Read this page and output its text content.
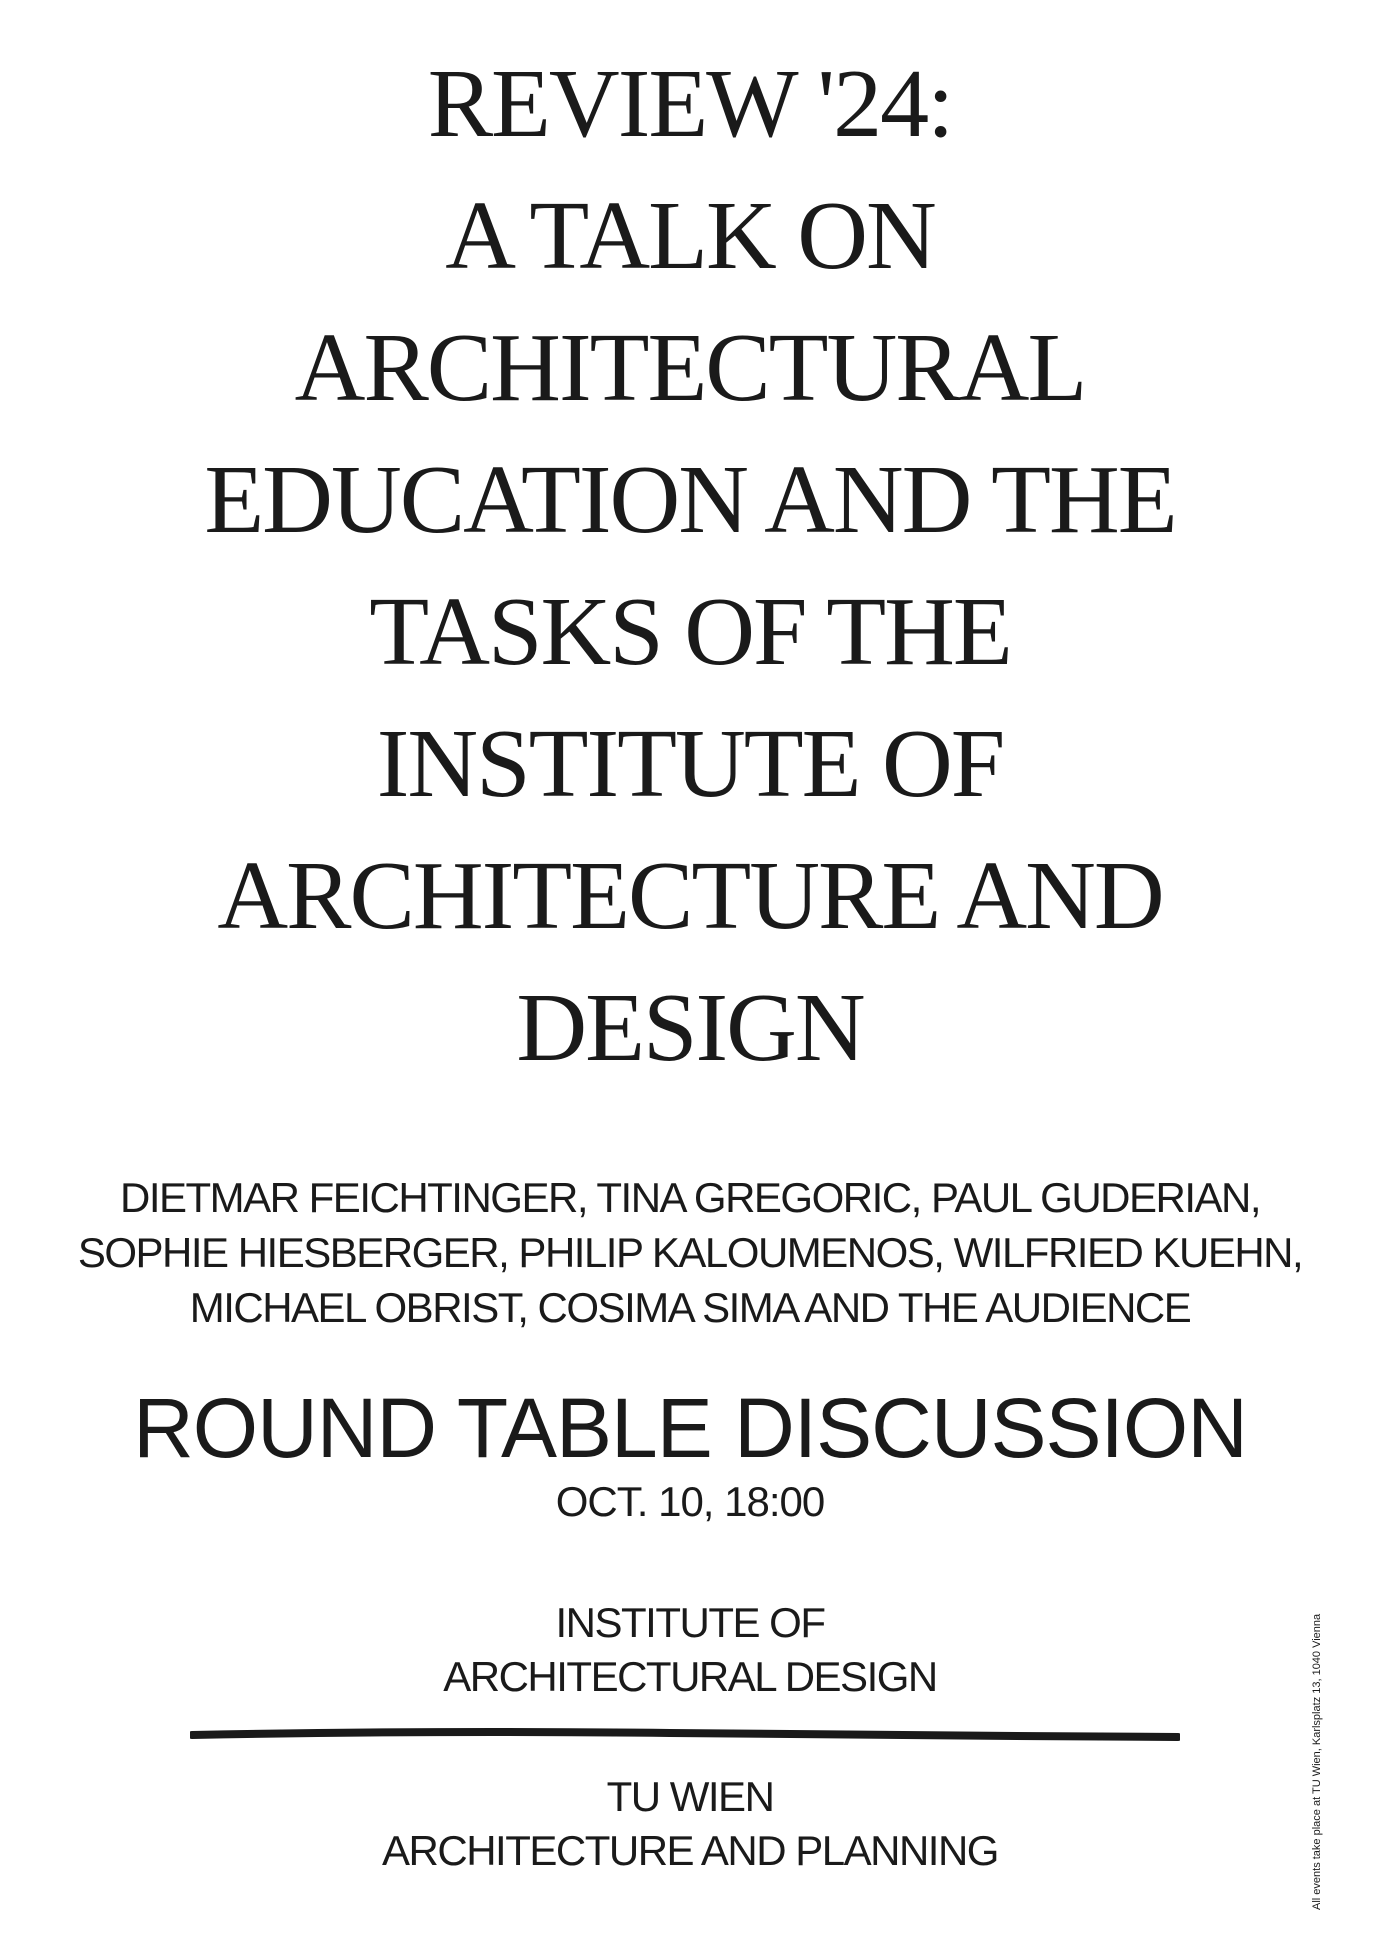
REVIEW '24:
A TALK ON
ARCHITECTURAL
EDUCATION AND THE
TASKS OF THE
INSTITUTE OF
ARCHITECTURE AND
DESIGN
DIETMAR FEICHTINGER, TINA GREGORIC, PAUL GUDERIAN,
SOPHIE HIESBERGER, PHILIP KALOUMENOS, WILFRIED KUEHN,
MICHAEL OBRIST, COSIMA SIMA AND THE AUDIENCE
ROUND TABLE DISCUSSION
OCT. 10, 18:00
INSTITUTE OF
ARCHITECTURAL DESIGN
TU WIEN
ARCHITECTURE AND PLANNING	All events take place at TU Wien, Karlsplatz 13, 1040 Vienna
